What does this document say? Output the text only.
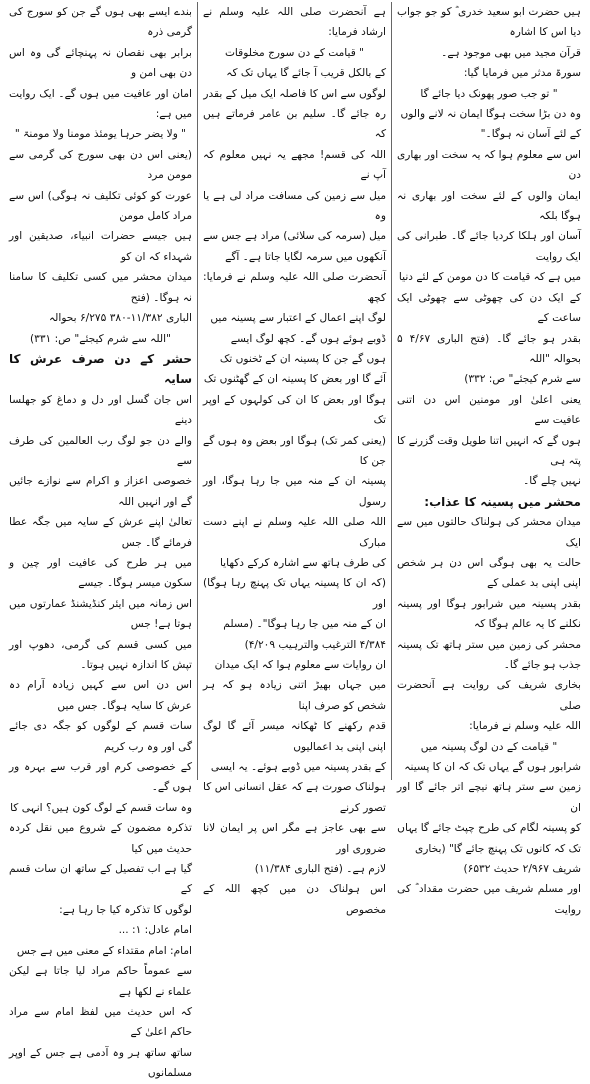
ہیں حضرت ابو سعید خدری ؓ کو جو جواب دیا اس کا اشارہ
قرآن مجید میں بھی موجود ہے۔
سورۃ مدثر میں فرمایا گیا:
" تو جب صور پھونک دیا جائے گا
وہ دن بڑا سخت ہوگا ایمان نہ لانے والوں
کے لئے آسان نہ ہوگا۔"
اس سے معلوم ہوا کہ یہ سخت اور بھاری دن
ایمان والوں کے لئے سخت اور بھاری نہ ہوگا بلکہ
آسان اور ہلکا کردیا جائے گا۔ طبرانی کی ایک روایت
میں ہے کہ قیامت کا دن مومن کے لئے دنیا
کے ایک دن کی چھوٹی سے چھوٹی ایک ساعت کے
بقدر ہو جائے گا۔ (فتح الباری ۴/۶۷ ۵ بحوالہ "اللہ
سے شرم کیجئے" ص: ۳۳۲)
یعنی اعلیٰ اور مومنین اس دن اتنی عافیت سے
ہوں گے کہ انہیں اتنا طویل وقت گزرنے کا پتہ ہی
نہیں چلے گا۔
محشر میں پسینہ کا عذاب:
میدان محشر کی ہولناک حالتوں میں سے ایک
حالت یہ بھی ہوگی اس دن ہر شخص اپنی اپنی بد عملی کے
بقدر پسینہ میں شرابور ہوگا اور پسینہ نکلنے کا یہ عالم ہوگا کہ
محشر کی زمین میں ستر ہاتھ تک پسینہ جذب ہو جائے گا۔
بخاری شریف کی روایت ہے آنحضرت صلی
اللہ علیہ وسلم نے فرمایا:
" قیامت کے دن لوگ پسینہ میں
شرابور ہوں گے یہاں تک کہ ان کا پسینہ
زمین سے ستر ہاتھ نیچے اتر جائے گا اور ان
کو پسینہ لگام کی طرح چپٹ جائے گا یہاں
تک کہ کانوں تک پہنچ جائے گا" (بخاری
شریف ۲/۹۶۷ حدیث ۶۵۳۲)
اور مسلم شریف میں حضرت مقداد ؓ کی روایت
ہے آنحضرت صلی اللہ علیہ وسلم نے ارشاد فرمایا:
" قیامت کے دن سورج مخلوقات
کے بالکل قریب آ جائے گا یہاں تک کہ
لوگوں سے اس کا فاصلہ ایک میل کے بقدر
رہ جائے گا۔ سلیم بن عامر فرماتے ہیں کہ
اللہ کی قسم! مجھے یہ نہیں معلوم کہ آپ نے
میل سے زمین کی مسافت مراد لی ہے یا وہ
میل (سرمہ کی سلائی) مراد ہے جس سے
آنکھوں میں سرمہ لگایا جاتا ہے۔ آگے
آنحضرت صلی اللہ علیہ وسلم نے فرمایا: کچھ
لوگ اپنے اعمال کے اعتبار سے پسینہ میں
ڈوبے ہوئے ہوں گے۔ کچھ لوگ ایسے
ہوں گے جن کا پسینہ ان کے ٹخنوں تک
آئے گا اور بعض کا پسینہ ان کے گھٹنوں تک
ہوگا اور بعض کا ان کی کولہوں کے اوپر تک
(یعنی کمر تک) ہوگا اور بعض وہ ہوں گے جن کا
پسینہ ان کے منہ میں جا رہا ہوگا، اور رسول
اللہ صلی اللہ علیہ وسلم نے اپنے دست مبارک
کی طرف ہاتھ سے اشارہ کرکے دکھایا
(کہ ان کا پسینہ یہاں تک پہنچ رہا ہوگا) اور
ان کے منہ میں جا رہا ہوگا"۔ (مسلم
۴/۳۸۴ الترغیب والترہیب ۴/۲۰۹)
ان روایات سے معلوم ہوا کہ ایک میدان
میں جہاں بھیڑ اتنی زیادہ ہو کہ ہر شخص کو صرف اپنا
قدم رکھنے کا ٹھکانہ میسر آئے گا لوگ اپنی اپنی بد اعمالیوں
کے بقدر پسینہ میں ڈوبے ہوئے۔ یہ ایسی
ہولناک صورت ہے کہ عقل انسانی اس کا تصور کرنے
سے بھی عاجز ہے مگر اس پر ایمان لانا ضروری اور
لازم ہے۔ (فتح الباری ۱۱/۳۸۴)
اس ہولناک دن میں کچھ اللہ کے مخصوص
بندے ایسے بھی ہوں گے جن کو سورج کی گرمی ذرہ
برابر بھی نقصان نہ پہنچائے گی وہ اس دن بھی امن و
امان اور عافیت میں ہوں گے۔ ایک روایت میں ہے:
" ولا یضر حرہا یومئذ مومنا ولا مومنۃ "
(یعنی اس دن بھی سورج کی گرمی سے مومن مرد
عورت کو کوئی تکلیف نہ ہوگی) اس سے مراد کامل مومن
ہیں جیسے حضرات انبیاء، صدیقین اور شہداء کہ ان کو
میدان محشر میں کسی تکلیف کا سامنا نہ ہوگا۔ (فتح
الباری ۱۱/۳۸۲-۳۸۰ ۶/۲۷۵ بحوالہ
"اللہ سے شرم کیجئے" ص: ۳۳۱)
حشر کے دن صرف عرش کا سایہ
اس جان گسل اور دل و دماغ کو جھلسا دینے
والے دن جو لوگ رب العالمین کی طرف سے
خصوصی اعزاز و اکرام سے نوازے جائیں گے اور انہیں اللہ
تعالیٰ اپنے عرش کے سایہ میں جگہ عطا فرمائے گا۔ جس
میں ہر طرح کی عافیت اور چین و سکون میسر ہوگا۔ جیسے
اس زمانہ میں ایئر کنڈیشنڈ عمارتوں میں ہوتا ہے! جس
میں کسی قسم کی گرمی، دھوپ اور تپش کا اندازہ نہیں ہوتا۔
اس دن اس سے کہیں زیادہ آرام دہ عرش کا سایہ ہوگا۔ جس میں
سات قسم کے لوگوں کو جگہ دی جائے گی اور وہ رب کریم
کے خصوصی کرم اور قرب سے بہرہ ور ہوں گے۔
وہ سات قسم کے لوگ کون ہیں؟ انہی کا
تذکرہ مضمون کے شروع میں نقل کردہ حدیث میں کیا
گیا ہے اب تفصیل کے ساتھ ان سات قسم کے
لوگوں کا تذکرہ کیا جا رہا ہے:
امام عادل: ۱: ...
امام: امام مقتداء کے معنی میں ہے جس
سے عموماً حاکم مراد لیا جاتا ہے لیکن علماء نے لکھا ہے
کہ اس حدیث میں لفظ امام سے مراد حاکم اعلیٰ کے
ساتھ ساتھ ہر وہ آدمی ہے جس کے اوپر مسلمانوں
